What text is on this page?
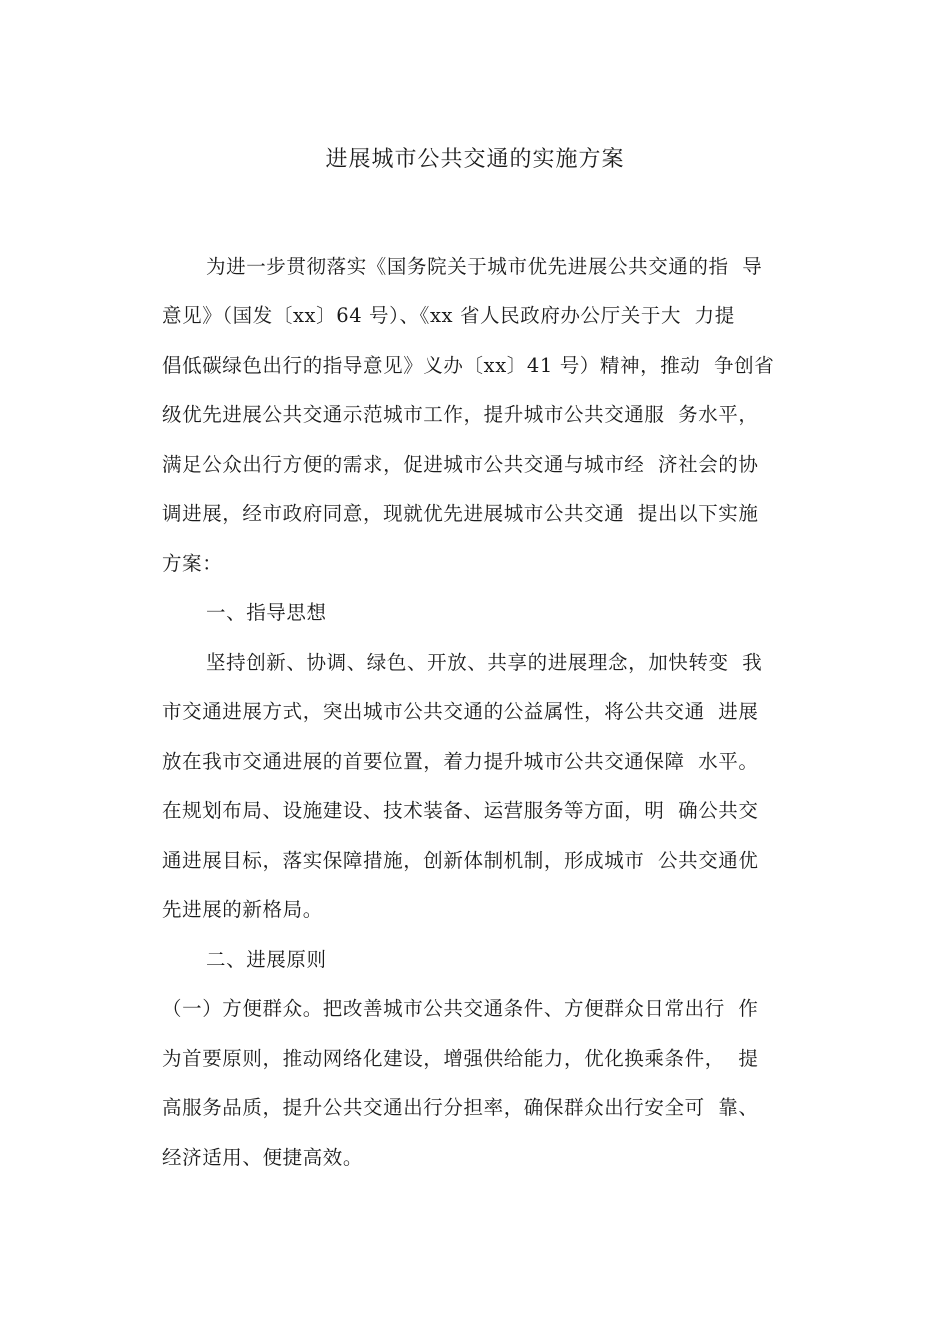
进展城市公共交通的实施方案
为进一步贯彻落实《国务院关于城市优先进展公共交通的指  导
意见》（国发〔xx〕64 号）、《xx 省人民政府办公厅关于大  力提
倡低碳绿色出行的指导意见》义办〔xx〕41 号）精神，推动  争创省
级优先进展公共交通示范城市工作，提升城市公共交通服  务水平，
满足公众出行方便的需求，促进城市公共交通与城市经  济社会的协
调进展，经市政府同意，现就优先进展城市公共交通  提出以下实施
方案：
一、指导思想
坚持创新、协调、绿色、开放、共享的进展理念，加快转变  我
市交通进展方式，突出城市公共交通的公益属性，将公共交通  进展
放在我市交通进展的首要位置，着力提升城市公共交通保障  水平。
在规划布局、设施建设、技术装备、运营服务等方面，明  确公共交
通进展目标，落实保障措施，创新体制机制，形成城市  公共交通优
先进展的新格局。
二、进展原则
（一）方便群众。把改善城市公共交通条件、方便群众日常出行  作
为首要原则，推动网络化建设，增强供给能力，优化换乘条件，  提
高服务品质，提升公共交通出行分担率，确保群众出行安全可  靠、
经济适用、便捷高效。
